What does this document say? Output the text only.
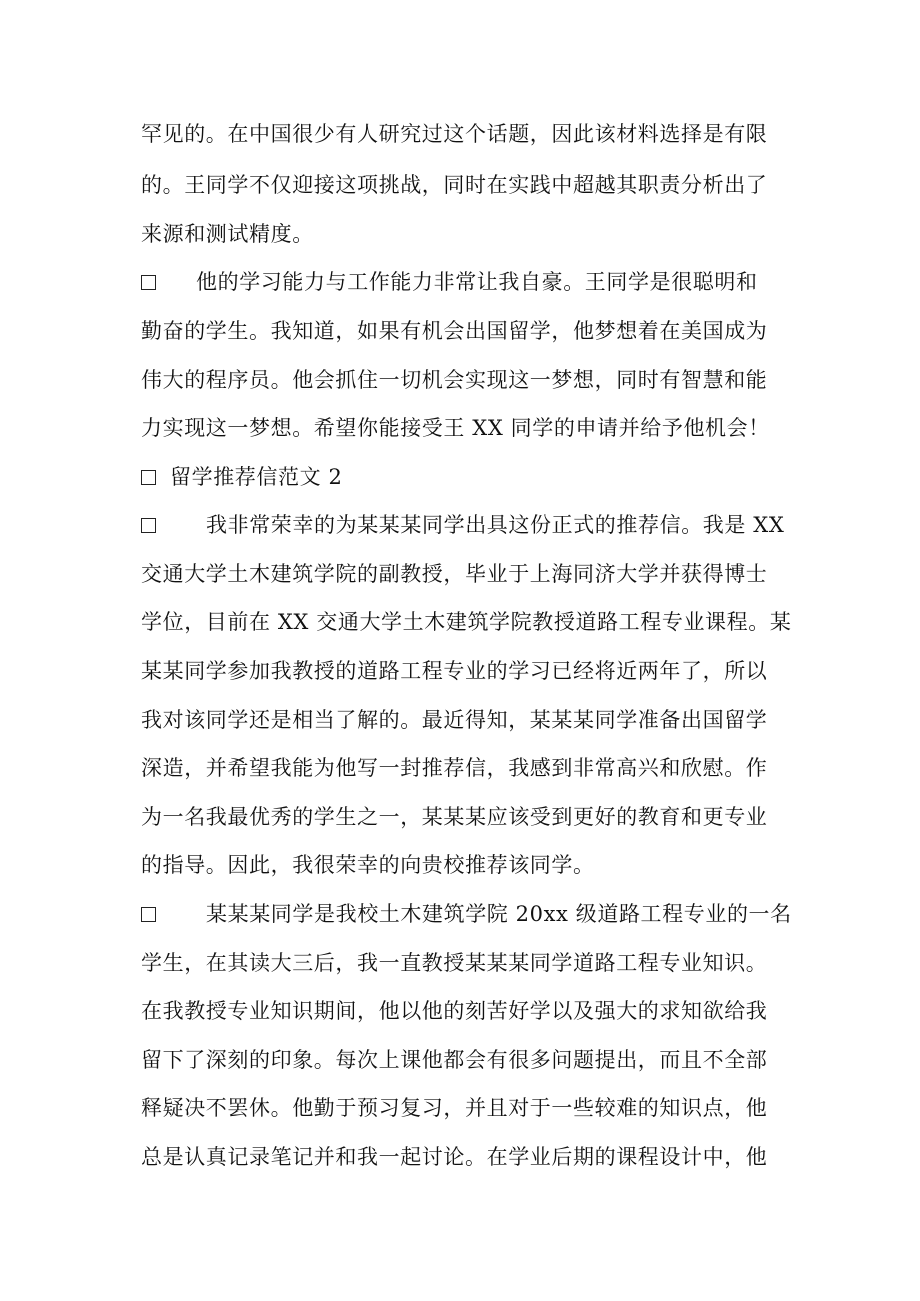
罕见的。在中国很少有人研究过这个话题，因此该材料选择是有限
的。王同学不仅迎接这项挑战，同时在实践中超越其职责分析出了
来源和测试精度。
他的学习能力与工作能力非常让我自豪。王同学是很聪明和
勤奋的学生。我知道，如果有机会出国留学，他梦想着在美国成为
伟大的程序员。他会抓住一切机会实现这一梦想，同时有智慧和能
力实现这一梦想。希望你能接受王 XX 同学的申请并给予他机会！
留学推荐信范文 2
我非常荣幸的为某某某同学出具这份正式的推荐信。我是 XX
交通大学土木建筑学院的副教授，毕业于上海同济大学并获得博士
学位，目前在 XX 交通大学土木建筑学院教授道路工程专业课程。某
某某同学参加我教授的道路工程专业的学习已经将近两年了，所以
我对该同学还是相当了解的。最近得知，某某某同学准备出国留学
深造，并希望我能为他写一封推荐信，我感到非常高兴和欣慰。作
为一名我最优秀的学生之一，某某某应该受到更好的教育和更专业
的指导。因此，我很荣幸的向贵校推荐该同学。
某某某同学是我校土木建筑学院 20xx 级道路工程专业的一名
学生，在其读大三后，我一直教授某某某同学道路工程专业知识。
在我教授专业知识期间，他以他的刻苦好学以及强大的求知欲给我
留下了深刻的印象。每次上课他都会有很多问题提出，而且不全部
释疑决不罢休。他勤于预习复习，并且对于一些较难的知识点，他
总是认真记录笔记并和我一起讨论。在学业后期的课程设计中，他
